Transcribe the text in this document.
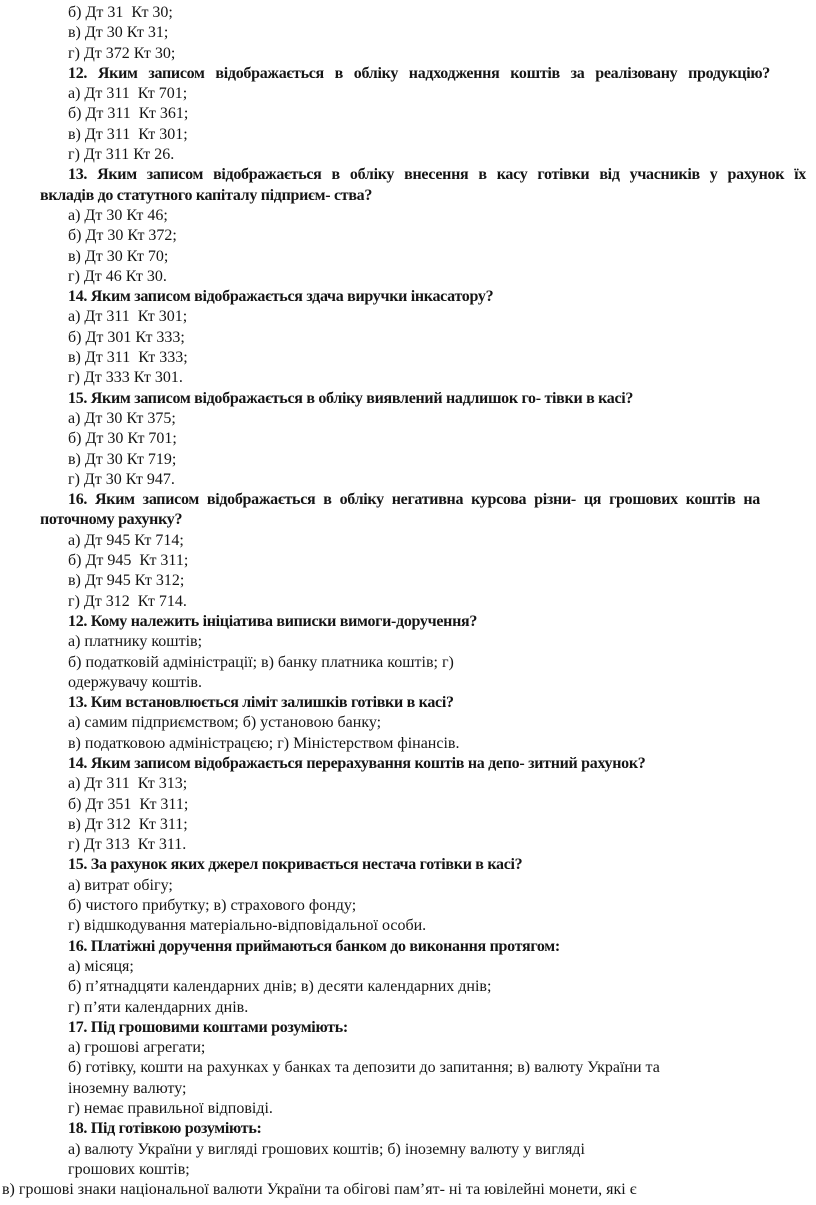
б) Дт 31  Кт 30;
в) Дт 30 Кт 31;
г) Дт 372 Кт 30;
12. Яким записом відображається в обліку надходження коштів за реалізовану продукцію?
а) Дт 311  Кт 701;
б) Дт 311  Кт 361;
в) Дт 311  Кт 301;
г) Дт 311 Кт 26.
13. Яким записом відображається в обліку внесення в касу готівки від учасників у рахунок їх
вкладів до статутного капіталу підприєм- ства?
а) Дт 30 Кт 46;
б) Дт 30 Кт 372;
в) Дт 30 Кт 70;
г) Дт 46 Кт 30.
14. Яким записом відображається здача виручки інкасатору?
а) Дт 311  Кт 301;
б) Дт 301 Кт 333;
в) Дт 311  Кт 333;
г) Дт 333 Кт 301.
15. Яким записом відображається в обліку виявлений надлишок го- тівки в касі?
а) Дт 30 Кт 375;
б) Дт 30 Кт 701;
в) Дт 30 Кт 719;
г) Дт 30 Кт 947.
16. Яким записом відображається в обліку негативна курсова різни- ця грошових коштів на
поточному рахунку?
а) Дт 945 Кт 714;
б) Дт 945  Кт 311;
в) Дт 945 Кт 312;
г) Дт 312  Кт 714.
12. Кому належить ініціатива виписки вимоги-доручення?
а) платнику коштів;
б) податковій адміністрації; в) банку платника коштів; г)
одержувачу коштів.
13. Ким встановлюється ліміт залишків готівки в касі?
а) самим підприємством; б) установою банку;
в) податковою адміністрацєю; г) Міністерством фінансів.
14. Яким записом відображається перерахування коштів на депо- зитний рахунок?
а) Дт 311  Кт 313;
б) Дт 351  Кт 311;
в) Дт 312  Кт 311;
г) Дт 313  Кт 311.
15. За рахунок яких джерел покривається нестача готівки в касі?
а) витрат обігу;
б) чистого прибутку; в) страхового фонду;
г) відшкодування матеріально-відповідальної особи.
16. Платіжні доручення приймаються банком до виконання протягом:
а) місяця;
б) п’ятнадцяти календарних днів; в) десяти календарних днів;
г) п’яти календарних днів.
17. Під грошовими коштами розуміють:
а) грошові агрегати;
б) готівку, кошти на рахунках у банках та депозити до запитання; в) валюту України та
іноземну валюту;
г) немає правильної відповіді.
18. Під готівкою розуміють:
а) валюту України у вигляді грошових коштів; б) іноземну валюту у вигляді
грошових коштів;
в) грошові знаки національної валюти України та обігові пам’ят- ні та ювілейні монети, які є
